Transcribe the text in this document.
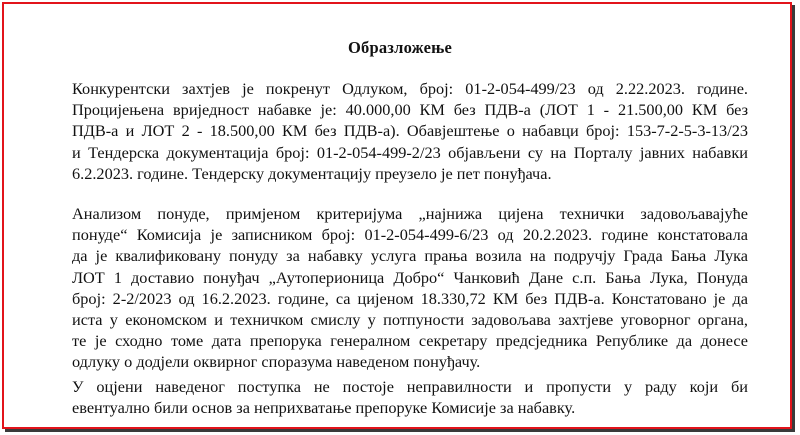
Образложење
Конкурентски захтјев је покренут Одлуком, број: 01-2-054-499/23 од 2.22.2023. године.
Процијењена вриједност набавке је: 40.000,00 КМ без ПДВ-а (ЛОТ 1 - 21.500,00 КМ без
ПДВ-а и ЛОТ 2 - 18.500,00 КМ без ПДВ-а). Обавјештење о набавци број: 153-7-2-5-3-13/23
и Тендерска документација број: 01-2-054-499-2/23 објављени су на Порталу јавних набавки
6.2.2023. године. Тендерску документацију преузело је пет понуђача.
Анализом понуде, примјеном критеријума „најнижа цијена технички задовољавајуће
понуде“ Комисија је записником број: 01-2-054-499-6/23 од 20.2.2023. године констатовала
да је квалификовану понуду за набавку услуга прања возила на подручју Града Бања Лука
ЛОТ 1 доставио понуђач „Аутоперионица Добро“ Чанковић Дане с.п. Бања Лука, Понуда
број: 2-2/2023 од 16.2.2023. године, са цијеном 18.330,72 КМ без ПДВ-а. Констатовано је да
иста у економском и техничком смислу у потпуности задовољава захтјеве уговорног органа,
те је сходно томе дата препорука генералном секретару предсједника Републике да донесе
одлуку о додјели оквирног споразума наведеном понуђачу.
У оцјени наведеног поступка не постоје неправилности и пропусти у раду који би
евентуално били основ за неприхватање препоруке Комисије за набавку.
